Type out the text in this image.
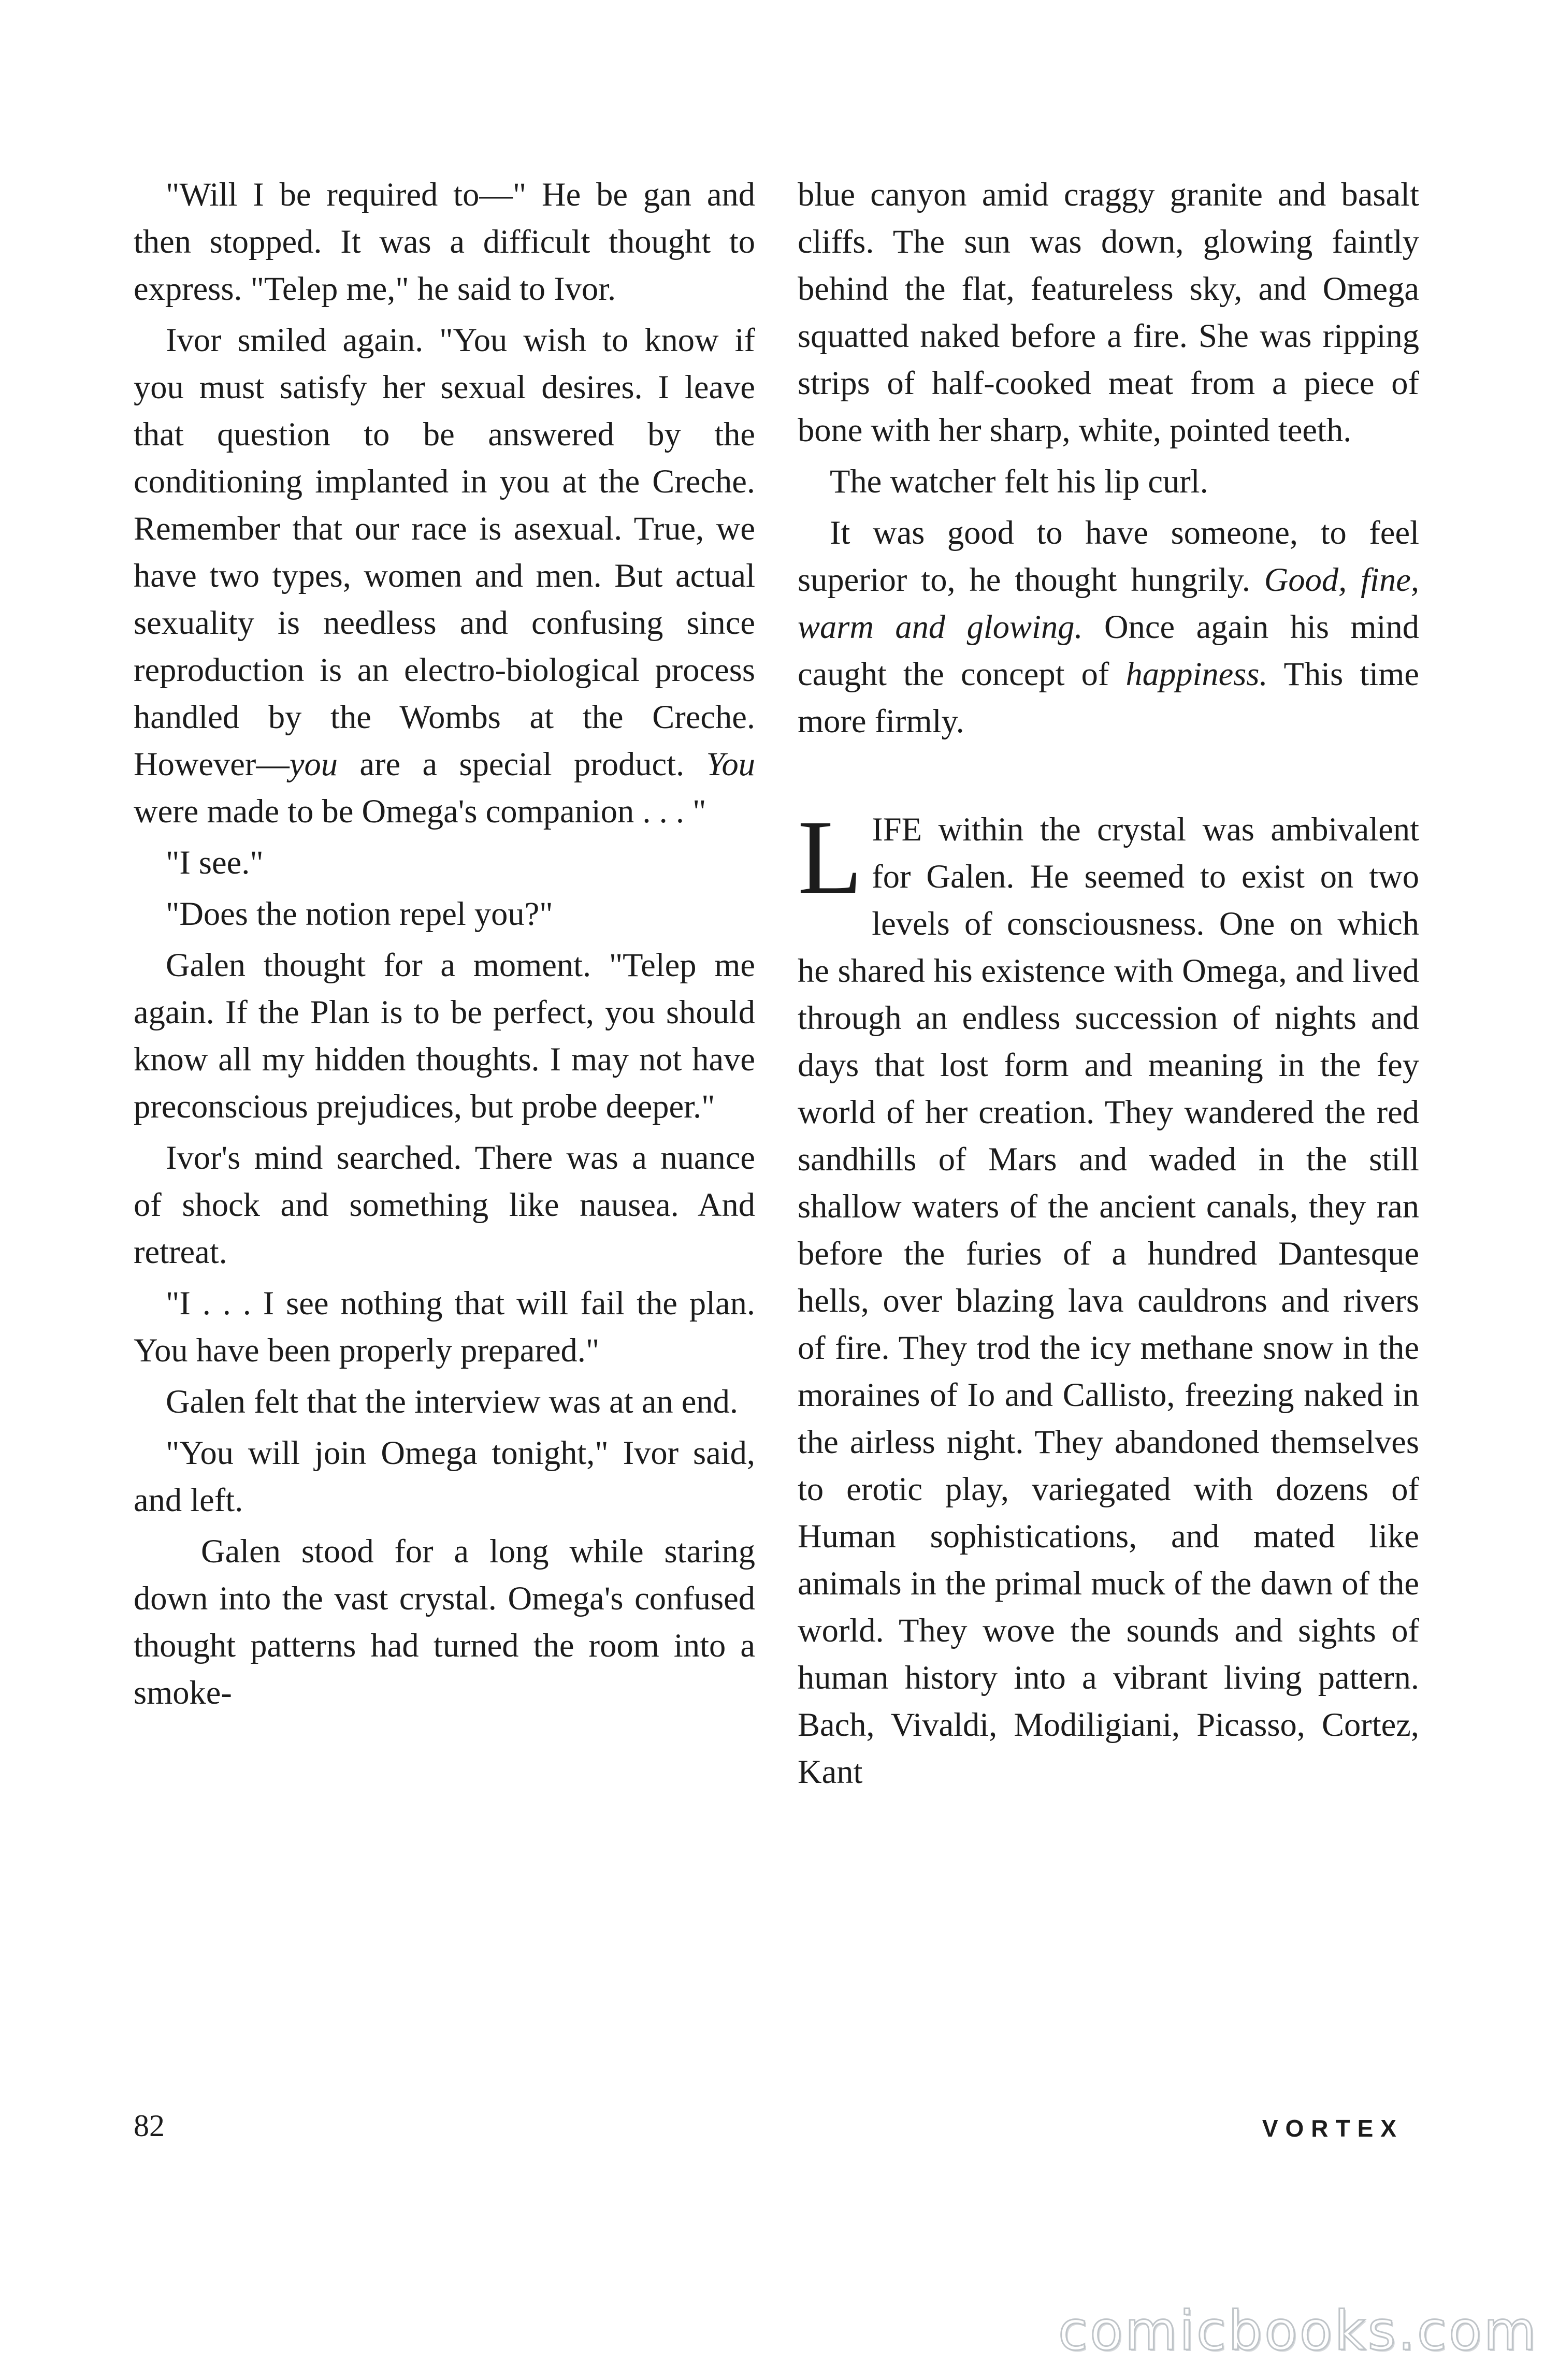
"Will I be required to—" He be gan and then stopped. It was a difficult thought to express. "Telep me," he said to Ivor.

Ivor smiled again. "You wish to know if you must satisfy her sexual desires. I leave that question to be answered by the conditioning implanted in you at the Creche. Remember that our race is asexual. True, we have two types, women and men. But actual sexuality is needless and confusing since reproduction is an electro-biological process handled by the Wombs at the Creche. However—you are a special product. You were made to be Omega's companion . . . "

"I see."

"Does the notion repel you?"

Galen thought for a moment. "Telep me again. If the Plan is to be perfect, you should know all my hidden thoughts. I may not have preconscious prejudices, but probe deeper."

Ivor's mind searched. There was a nuance of shock and something like nausea. And retreat.

"I . . . I see nothing that will fail the plan. You have been properly prepared."

Galen felt that the interview was at an end.

"You will join Omega tonight," Ivor said, and left.

Galen stood for a long while staring down into the vast crystal. Omega's confused thought patterns had turned the room into a smoke-

blue canyon amid craggy granite and basalt cliffs. The sun was down, glowing faintly behind the flat, featureless sky, and Omega squatted naked before a fire. She was ripping strips of half-cooked meat from a piece of bone with her sharp, white, pointed teeth.

The watcher felt his lip curl.

It was good to have someone, to feel superior to, he thought hungrily. Good, fine, warm and glowing. Once again his mind caught the concept of happiness. This time more firmly.

LIFE within the crystal was ambivalent for Galen. He seemed to exist on two levels of consciousness. One on which he shared his existence with Omega, and lived through an endless succession of nights and days that lost form and meaning in the fey world of her creation. They wandered the red sandhills of Mars and waded in the still shallow waters of the ancient canals, they ran before the furies of a hundred Dantesque hells, over blazing lava cauldrons and rivers of fire. They trod the icy methane snow in the moraines of Io and Callisto, freezing naked in the airless night. They abandoned themselves to erotic play, variegated with dozens of Human sophistications, and mated like animals in the primal muck of the dawn of the world. They wove the sounds and sights of human history into a vibrant living pattern. Bach, Vivaldi, Modiligiani, Picasso, Cortez, Kant

82	VORTEX
comicbooks.com
